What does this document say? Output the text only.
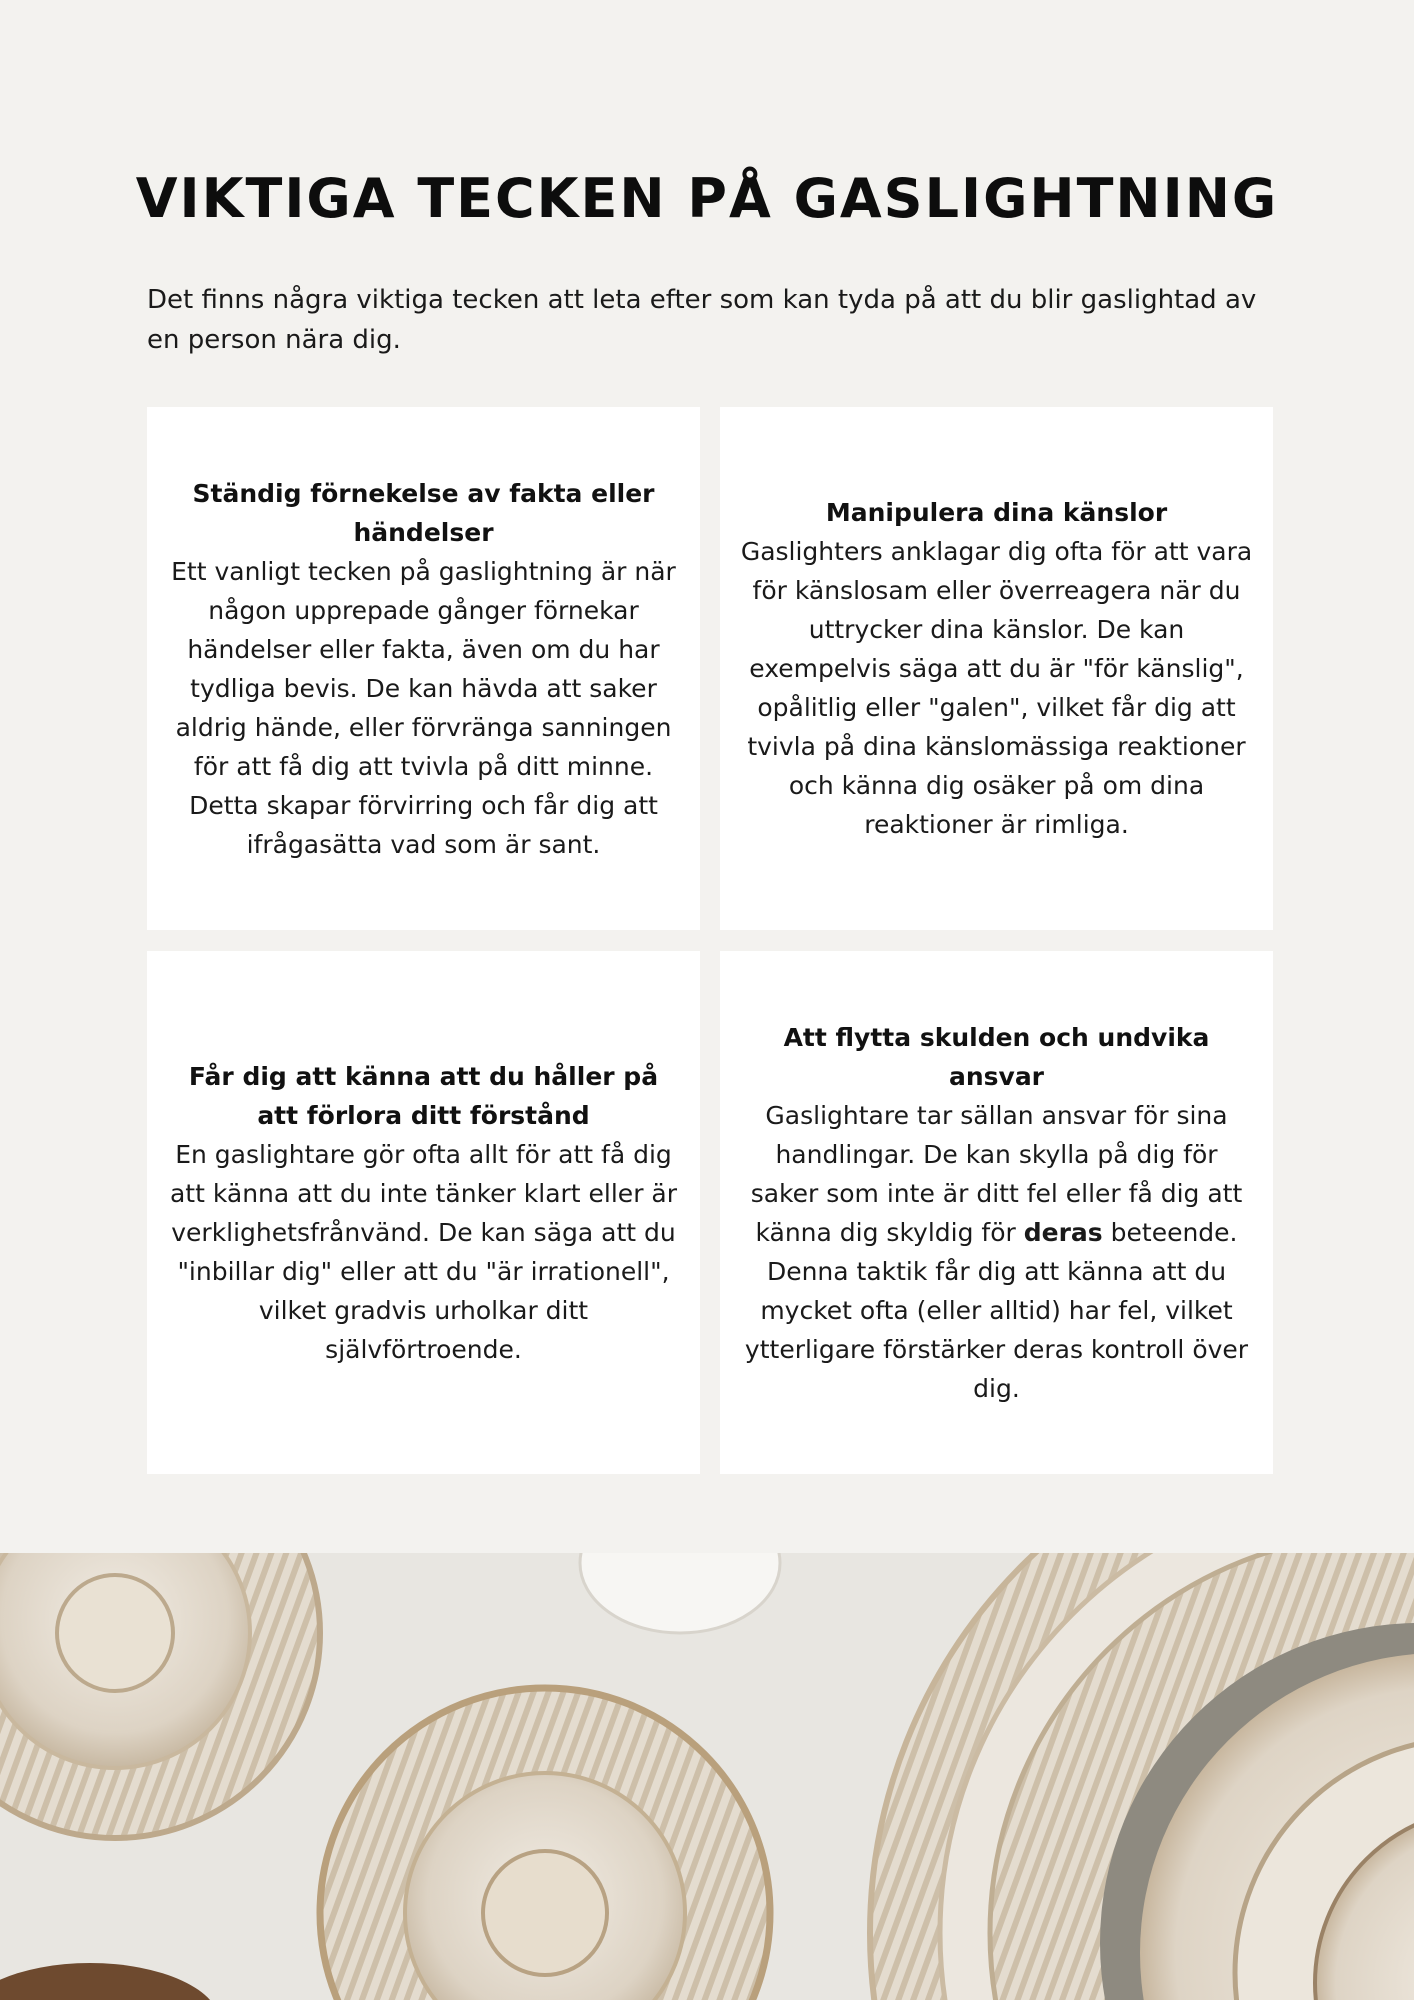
VIKTIGA TECKEN PÅ GASLIGHTNING

Det finns några viktiga tecken att leta efter som kan tyda på att du blir gaslightad av en person nära dig.

Ständig förnekelse av fakta eller händelser
Ett vanligt tecken på gaslightning är när någon upprepade gånger förnekar händelser eller fakta, även om du har tydliga bevis. De kan hävda att saker aldrig hände, eller förvränga sanningen för att få dig att tvivla på ditt minne. Detta skapar förvirring och får dig att ifrågasätta vad som är sant.
Manipulera dina känslor
Gaslighters anklagar dig ofta för att vara för känslosam eller överreagera när du uttrycker dina känslor. De kan exempelvis säga att du är "för känslig", opålitlig eller "galen", vilket får dig att tvivla på dina känslomässiga reaktioner och känna dig osäker på om dina reaktioner är rimliga.
Får dig att känna att du håller på att förlora ditt förstånd
En gaslightare gör ofta allt för att få dig att känna att du inte tänker klart eller är verklighetsfrånvänd. De kan säga att du "inbillar dig" eller att du "är irrationell", vilket gradvis urholkar ditt självförtroende.
Att flytta skulden och undvika ansvar
Gaslightare tar sällan ansvar för sina handlingar. De kan skylla på dig för saker som inte är ditt fel eller få dig att känna dig skyldig för deras beteende. Denna taktik får dig att känna att du mycket ofta (eller alltid) har fel, vilket ytterligare förstärker deras kontroll över dig.
